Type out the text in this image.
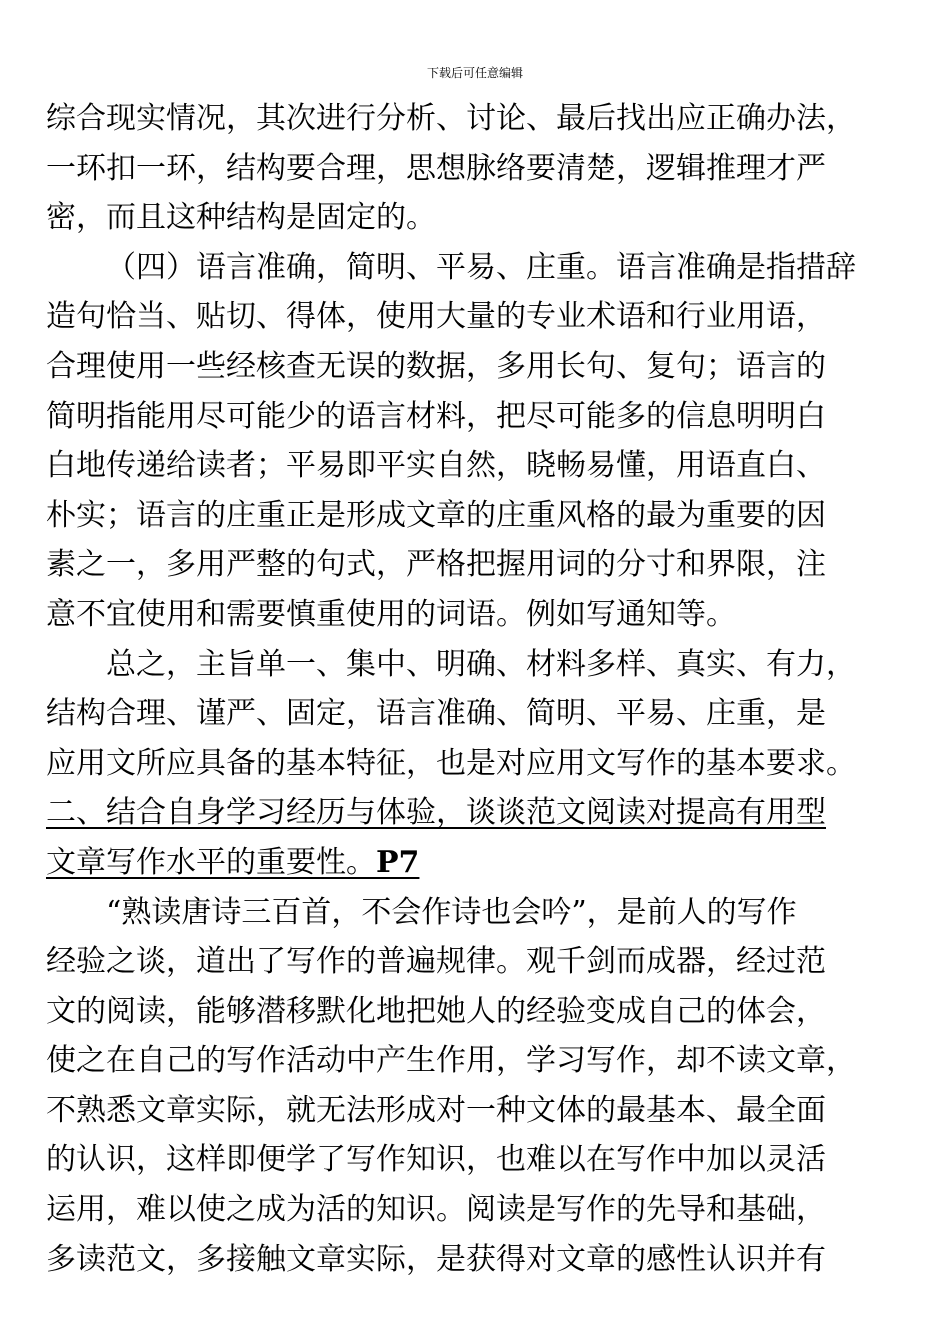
下载后可任意编辑
综合现实情况，其次进行分析、讨论、最后找出应正确办法，
一环扣一环，结构要合理，思想脉络要清楚，逻辑推理才严
密，而且这种结构是固定的。
（四）语言准确，简明、平易、庄重。语言准确是指措辞
造句恰当、贴切、得体，使用大量的专业术语和行业用语，
合理使用一些经核查无误的数据，多用长句、复句；语言的
简明指能用尽可能少的语言材料，把尽可能多的信息明明白
白地传递给读者；平易即平实自然，晓畅易懂，用语直白、
朴实；语言的庄重正是形成文章的庄重风格的最为重要的因
素之一，多用严整的句式，严格把握用词的分寸和界限，注
意不宜使用和需要慎重使用的词语。例如写通知等。
总之，主旨单一、集中、明确、材料多样、真实、有力，
结构合理、谨严、固定，语言准确、简明、平易、庄重，是
应用文所应具备的基本特征，也是对应用文写作的基本要求。
二、结合自身学习经历与体验，谈谈范文阅读对提高有用型
文章写作水平的重要性。P7
“熟读唐诗三百首，不会作诗也会吟”，是前人的写作
经验之谈，道出了写作的普遍规律。观千剑而成器，经过范
文的阅读，能够潜移默化地把她人的经验变成自己的体会，
使之在自己的写作活动中产生作用，学习写作，却不读文章，
不熟悉文章实际，就无法形成对一种文体的最基本、最全面
的认识，这样即便学了写作知识，也难以在写作中加以灵活
运用，难以使之成为活的知识。阅读是写作的先导和基础，
多读范文，多接触文章实际，是获得对文章的感性认识并有
